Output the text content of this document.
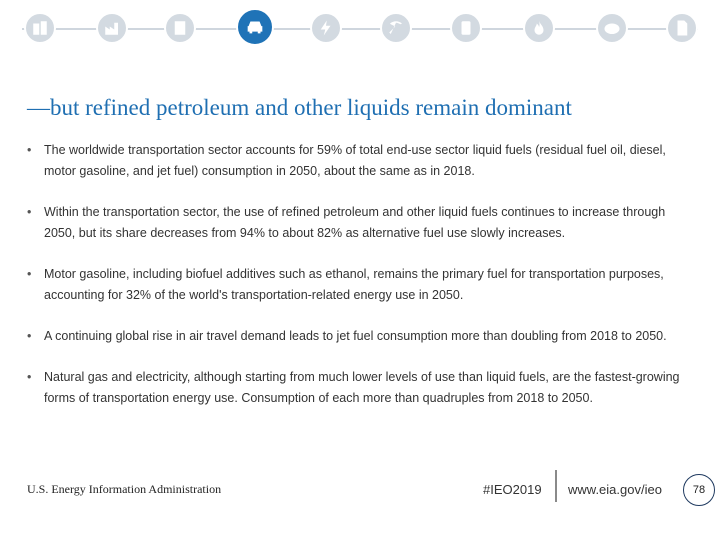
—but refined petroleum and other liquids remain dominant
• The worldwide transportation sector accounts for 59% of total end-use sector liquid fuels (residual fuel oil, diesel, motor gasoline, and jet fuel) consumption in 2050, about the same as in 2018.
• Within the transportation sector, the use of refined petroleum and other liquid fuels continues to increase through 2050, but its share decreases from 94% to about 82% as alternative fuel use slowly increases.
• Motor gasoline, including biofuel additives such as ethanol, remains the primary fuel for transportation purposes, accounting for 32% of the world's transportation-related energy use in 2050.
• A continuing global rise in air travel demand leads to jet fuel consumption more than doubling from 2018 to 2050.
• Natural gas and electricity, although starting from much lower levels of use than liquid fuels, are the fastest-growing forms of transportation energy use. Consumption of each more than quadruples from 2018 to 2050.
U.S. Energy Information Administration	#IEO2019 www.eia.gov/ieo	78
